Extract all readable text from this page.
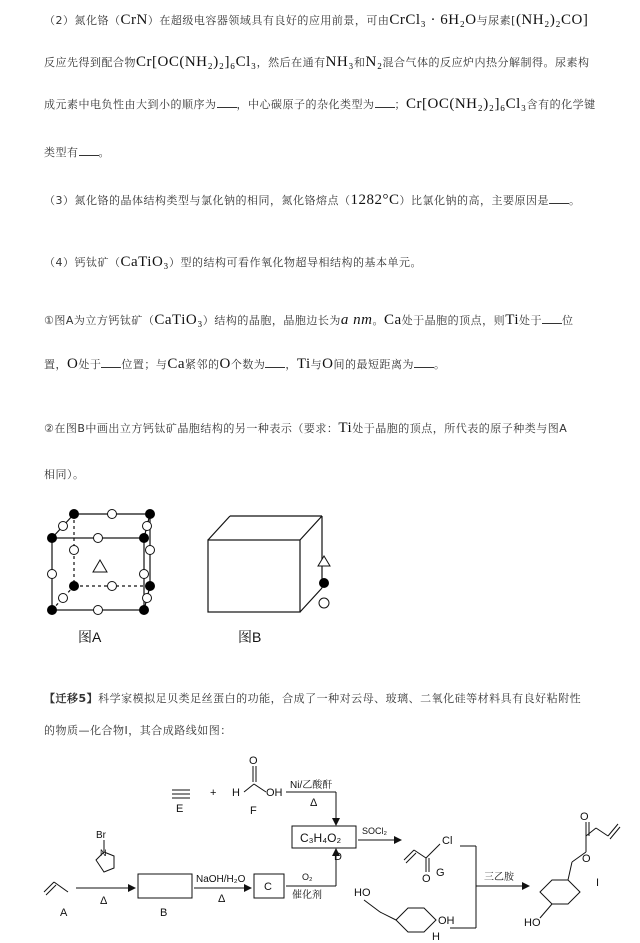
（2）氮化铬（CrN）在超级电容器领域具有良好的应用前景，可由CrCl₃ · 6H₂O与尿素[(NH₂)₂CO]
反应先得到配合物Cr[OC(NH₂)₂]₆Cl₃，然后在通有NH₃和N₂混合气体的反应炉内热分解制得。尿素构
成元素中电负性由大到小的顺序为 ，中心碳原子的杂化类型为 ；Cr[OC(NH₂)₂]₆Cl₃含有的化学键
类型有 。
（3）氮化铬的晶体结构类型与氯化钠的相同，氮化铬熔点（1282°C）比氯化钠的高，主要原因是 。
（4）钙钛矿（CaTiO₃）型的结构可看作氧化物超导相结构的基本单元。
①图A为立方钙钛矿（CaTiO₃）结构的晶胞，晶胞边长为a nm。Ca处于晶胞的顶点，则Ti处于 位
置，O处于 位置；与Ca紧邻的O个数为 ，Ti与O间的最短距离为 。
②在图B中画出立方钙钛矿晶胞结构的另一种表示（要求：Ti处于晶胞的顶点，所代表的原子种类与图A
相同）。
图A	图B
【迁移5】科学家模拟足贝类足丝蛋白的功能，合成了一种对云母、玻璃、二氧化硅等材料具有良好粘附性
的物质—化合物I，其合成路线如图：
E
+ H
O
OH
F
Ni/乙酸酐
Δ
C₃H₄O₂
D
SOCl₂
Cl
O G	三乙胺
O
O
I
HO
Br
N
Δ
A	B
NaOH/H₂O
Δ
C
O₂
催化剂	HO
OH
H
